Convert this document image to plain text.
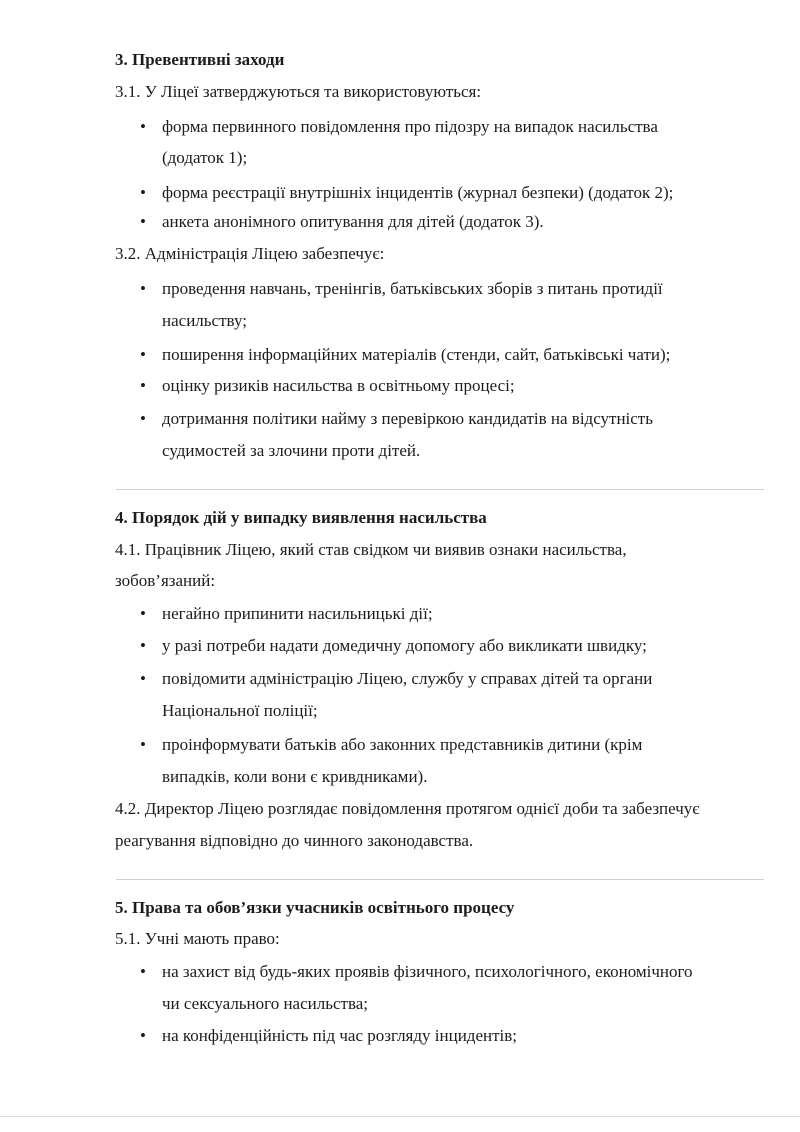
3. Превентивні заходи
3.1. У Ліцеї затверджуються та використовуються:
• форма первинного повідомлення про підозру на випадок насильства
(додаток 1);
• форма реєстрації внутрішніх інцидентів (журнал безпеки) (додаток 2);
• анкета анонімного опитування для дітей (додаток 3).
3.2. Адміністрація Ліцею забезпечує:
• проведення навчань, тренінгів, батьківських зборів з питань протидії
насильству;
• поширення інформаційних матеріалів (стенди, сайт, батьківські чати);
• оцінку ризиків насильства в освітньому процесі;
• дотримання політики найму з перевіркою кандидатів на відсутність
судимостей за злочини проти дітей.
4. Порядок дій у випадку виявлення насильства
4.1. Працівник Ліцею, який став свідком чи виявив ознаки насильства,
зобов’язаний:
• негайно припинити насильницькі дії;
• у разі потреби надати домедичну допомогу або викликати швидку;
• повідомити адміністрацію Ліцею, службу у справах дітей та органи
Національної поліції;
• проінформувати батьків або законних представників дитини (крім
випадків, коли вони є кривдниками).
4.2. Директор Ліцею розглядає повідомлення протягом однієї доби та забезпечує
реагування відповідно до чинного законодавства.
5. Права та обов’язки учасників освітнього процесу
5.1. Учні мають право:
• на захист від будь-яких проявів фізичного, психологічного, економічного
чи сексуального насильства;
• на конфіденційність під час розгляду інцидентів;
